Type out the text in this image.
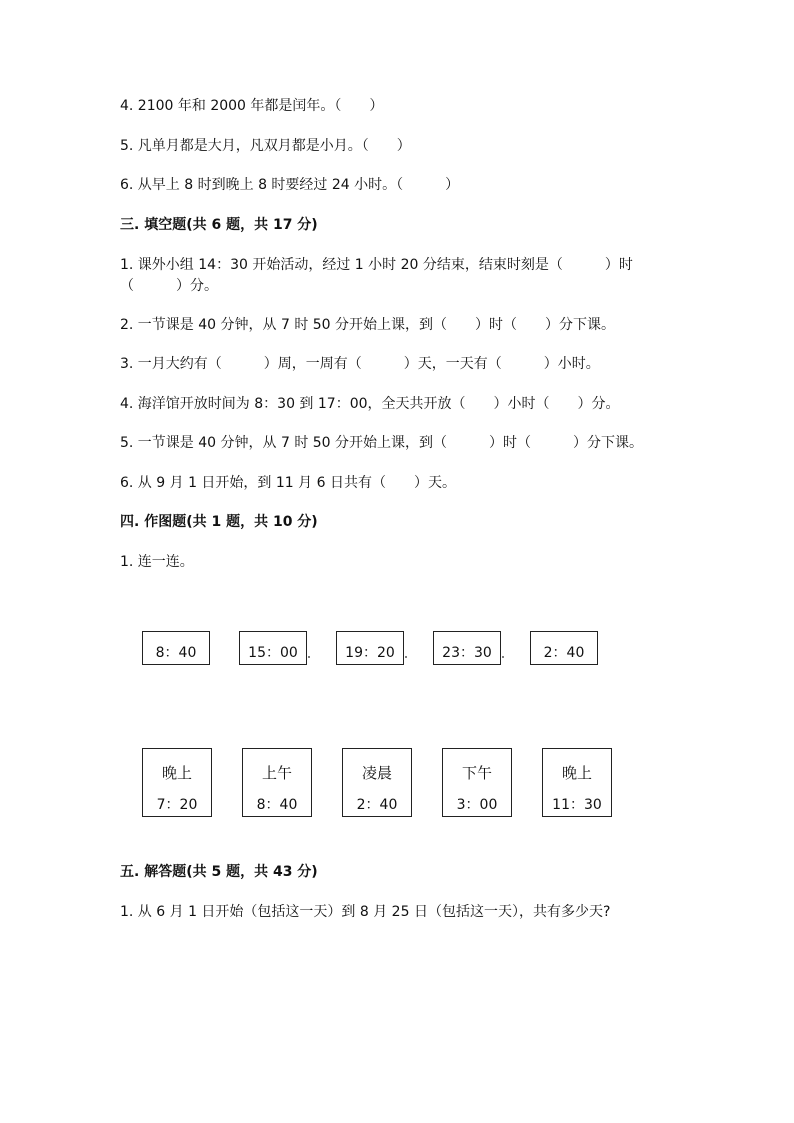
4. 2100 年和 2000 年都是闰年。（　　）
5. 凡单月都是大月，凡双月都是小月。（　　）
6. 从早上 8 时到晚上 8 时要经过 24 小时。（　　　）
三. 填空题(共 6 题，共 17 分)
1. 课外小组 14：30 开始活动，经过 1 小时 20 分结束，结束时刻是（　　　）时
（　　　）分。
2. 一节课是 40 分钟，从 7 时 50 分开始上课，到（　　）时（　　）分下课。
3. 一月大约有（　　　）周，一周有（　　　）天，一天有（　　　）小时。
4. 海洋馆开放时间为 8：30 到 17：00，全天共开放（　　）小时（　　）分。
5. 一节课是 40 分钟，从 7 时 50 分开始上课，到（　　　）时（　　　）分下课。
6. 从 9 月 1 日开始，到 11 月 6 日共有（　　）天。
四. 作图题(共 1 题，共 10 分)
1. 连一连。
8：40	15：00	19：20	23：30	2：40
晚上
7：20
上午
8：40
凌晨
2：40
下午
3：00
晚上
11：30
五. 解答题(共 5 题，共 43 分)
1. 从 6 月 1 日开始（包括这一天）到 8 月 25 日（包括这一天），共有多少天?
